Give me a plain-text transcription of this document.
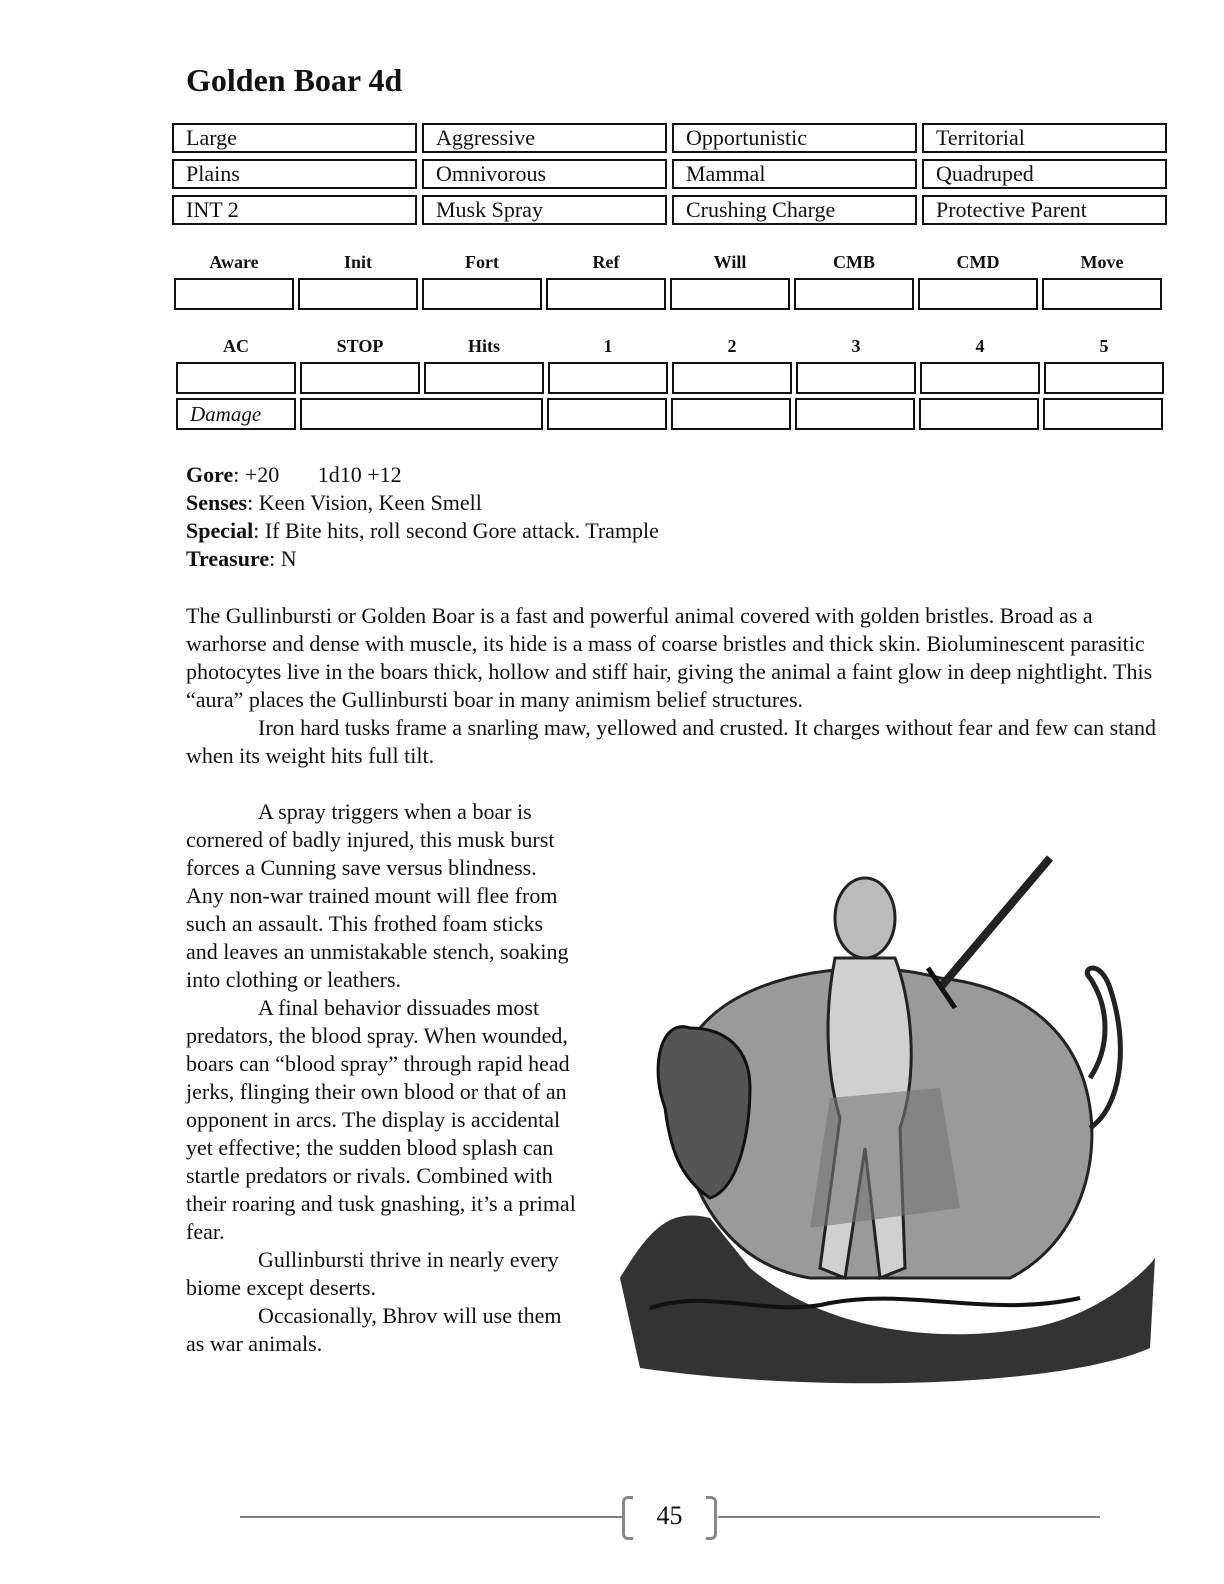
Golden Boar 4d
Large	Aggressive	Opportunistic	Territorial
Plains	Omnivorous	Mammal	Quadruped
INT 2	Musk Spray	Crushing Charge	Protective Parent
Aware	Init	Fort	Ref	Will	CMB	CMD	Move
AC	STOP	Hits	1	2	3	4	5
Damage
Gore: +20       1d10 +12
Senses: Keen Vision, Keen Smell
Special: If Bite hits, roll second Gore attack. Trample
Treasure: N

The Gullinbursti or Golden Boar is a fast and powerful animal covered with golden bristles. Broad as a warhorse and dense with muscle, its hide is a mass of coarse bristles and thick skin. Bioluminescent parasitic photocytes live in the boars thick, hollow and stiff hair, giving the animal a faint glow in deep nightlight. This “aura” places the Gullinbursti boar in many animism belief structures.

Iron hard tusks frame a snarling maw, yellowed and crusted. It charges without fear and few can stand when its weight hits full tilt.

A spray triggers when a boar is cornered of badly injured, this musk burst forces a Cunning save versus blindness. Any non-war trained mount will flee from such an assault. This frothed foam sticks and leaves an unmistakable stench, soaking into clothing or leathers.

A final behavior dissuades most predators, the blood spray. When wounded, boars can “blood spray” through rapid head jerks, flinging their own blood or that of an opponent in arcs. The display is accidental yet effective; the sudden blood splash can startle predators or rivals. Combined with their roaring and tusk gnashing, it’s a primal fear.

Gullinbursti thrive in nearly every biome except deserts.

Occasionally, Bhrov will use them as war animals.

45
